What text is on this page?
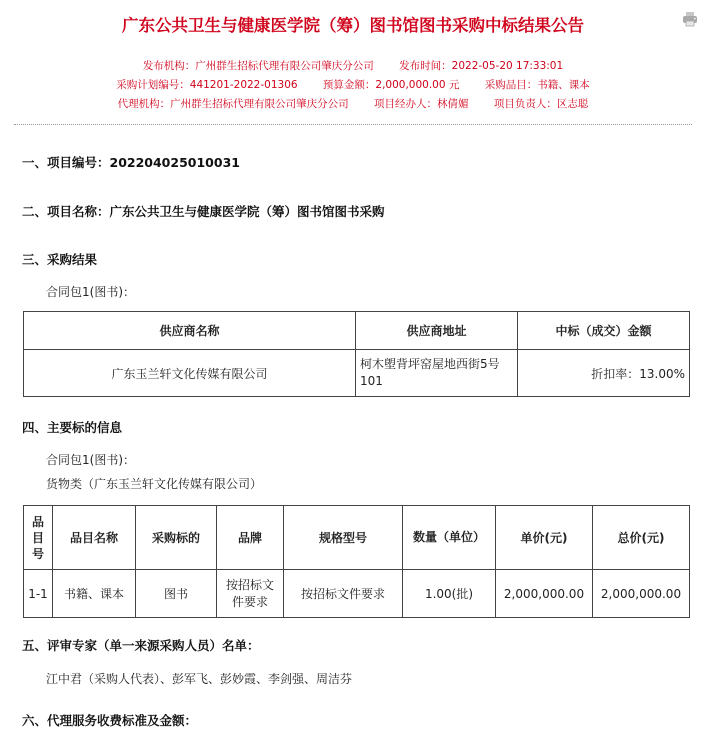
广东公共卫生与健康医学院（筹）图书馆图书采购中标结果公告
发布机构：广州群生招标代理有限公司肇庆分公司 发布时间：2022-05-20 17:33:01
采购计划编号：441201-2022-01306 预算金额：2,000,000.00 元 采购品目：书籍、课本
代理机构：广州群生招标代理有限公司肇庆分公司 项目经办人：林倩媚 项目负责人：区志聪
一、项目编号：202204025010031
二、项目名称：广东公共卫生与健康医学院（筹）图书馆图书采购
三、采购结果
合同包1(图书)：
供应商名称	供应商地址	中标（成交）金额
广东玉兰轩文化传媒有限公司	柯木塱背坪窑屋地西街5号101	折扣率：13.00%
四、主要标的信息
合同包1(图书)：
货物类（广东玉兰轩文化传媒有限公司）
品目号	品目名称	采购标的	品牌	规格型号	数量（单位）	单价(元)	总价(元)
1-1	书籍、课本	图书	按招标文件要求	按招标文件要求	1.00(批)	2,000,000.00	2,000,000.00
五、评审专家（单一来源采购人员）名单：
江中君（采购人代表）、彭军飞、彭妙霞、李剑强、周洁芬
六、代理服务收费标准及金额：
